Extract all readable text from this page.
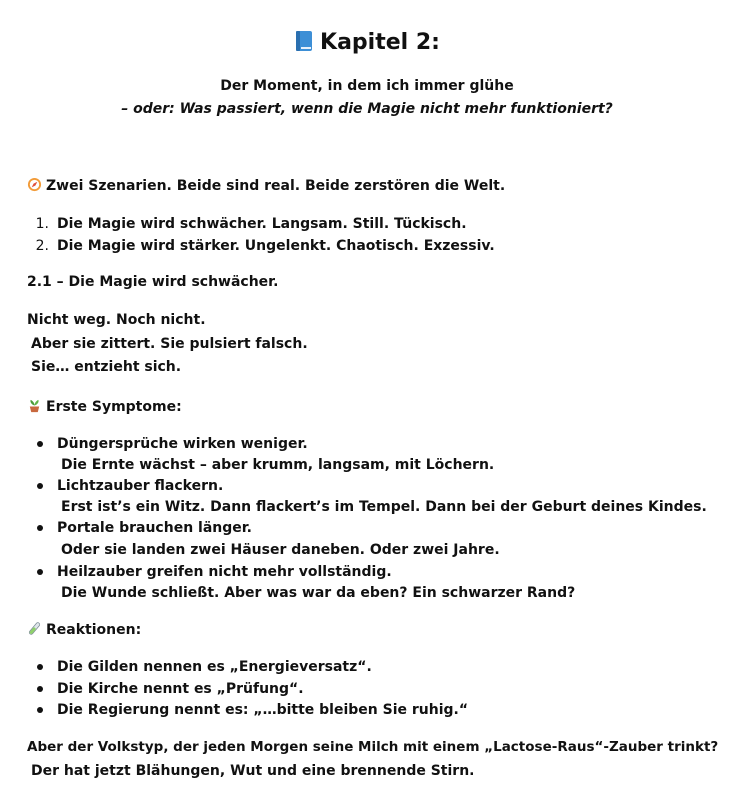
Kapitel 2:
Der Moment, in dem ich immer glühe
– oder: Was passiert, wenn die Magie nicht mehr funktioniert?
Zwei Szenarien. Beide sind real. Beide zerstören die Welt.
1. Die Magie wird schwächer. Langsam. Still. Tückisch.
2. Die Magie wird stärker. Ungelenkt. Chaotisch. Exzessiv.
2.1 – Die Magie wird schwächer.
Nicht weg. Noch nicht.
Aber sie zittert. Sie pulsiert falsch.
Sie… entzieht sich.
Erste Symptome:
Düngersprüche wirken weniger.
Die Ernte wächst – aber krumm, langsam, mit Löchern.
Lichtzauber flackern.
Erst ist’s ein Witz. Dann flackert’s im Tempel. Dann bei der Geburt deines Kindes.
Portale brauchen länger.
Oder sie landen zwei Häuser daneben. Oder zwei Jahre.
Heilzauber greifen nicht mehr vollständig.
Die Wunde schließt. Aber was war da eben? Ein schwarzer Rand?
Reaktionen:
Die Gilden nennen es „Energieversatz“.
Die Kirche nennt es „Prüfung“.
Die Regierung nennt es: „…bitte bleiben Sie ruhig.“
Aber der Volkstyp, der jeden Morgen seine Milch mit einem „Lactose-Raus“-Zauber trinkt?
Der hat jetzt Blähungen, Wut und eine brennende Stirn.
